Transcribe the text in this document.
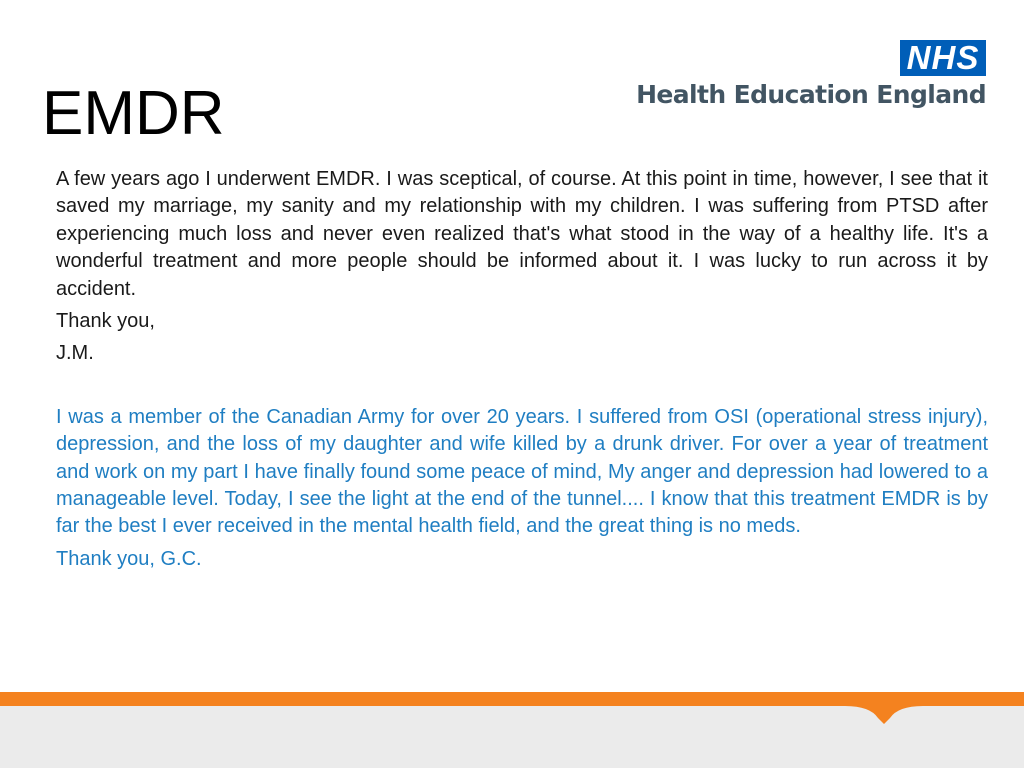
EMDR
NHS
Health Education England

A few years ago I underwent EMDR. I was sceptical, of course. At this point in time, however, I see that it saved my marriage, my sanity and my relationship with my children. I was suffering from PTSD after experiencing much loss and never even realized that's what stood in the way of a healthy life. It's a wonderful treatment and more people should be informed about it. I was lucky to run across it by accident.

Thank you,

J.M.

I was a member of the Canadian Army for over 20 years. I suffered from OSI (operational stress injury), depression, and the loss of my daughter and wife killed by a drunk driver. For over a year of treatment and work on my part I have finally found some peace of mind, My anger and depression had lowered to a manageable level. Today, I see the light at the end of the tunnel.... I know that this treatment EMDR is by far the best I ever received in the mental health field, and the great thing is no meds.

Thank you, G.C.
